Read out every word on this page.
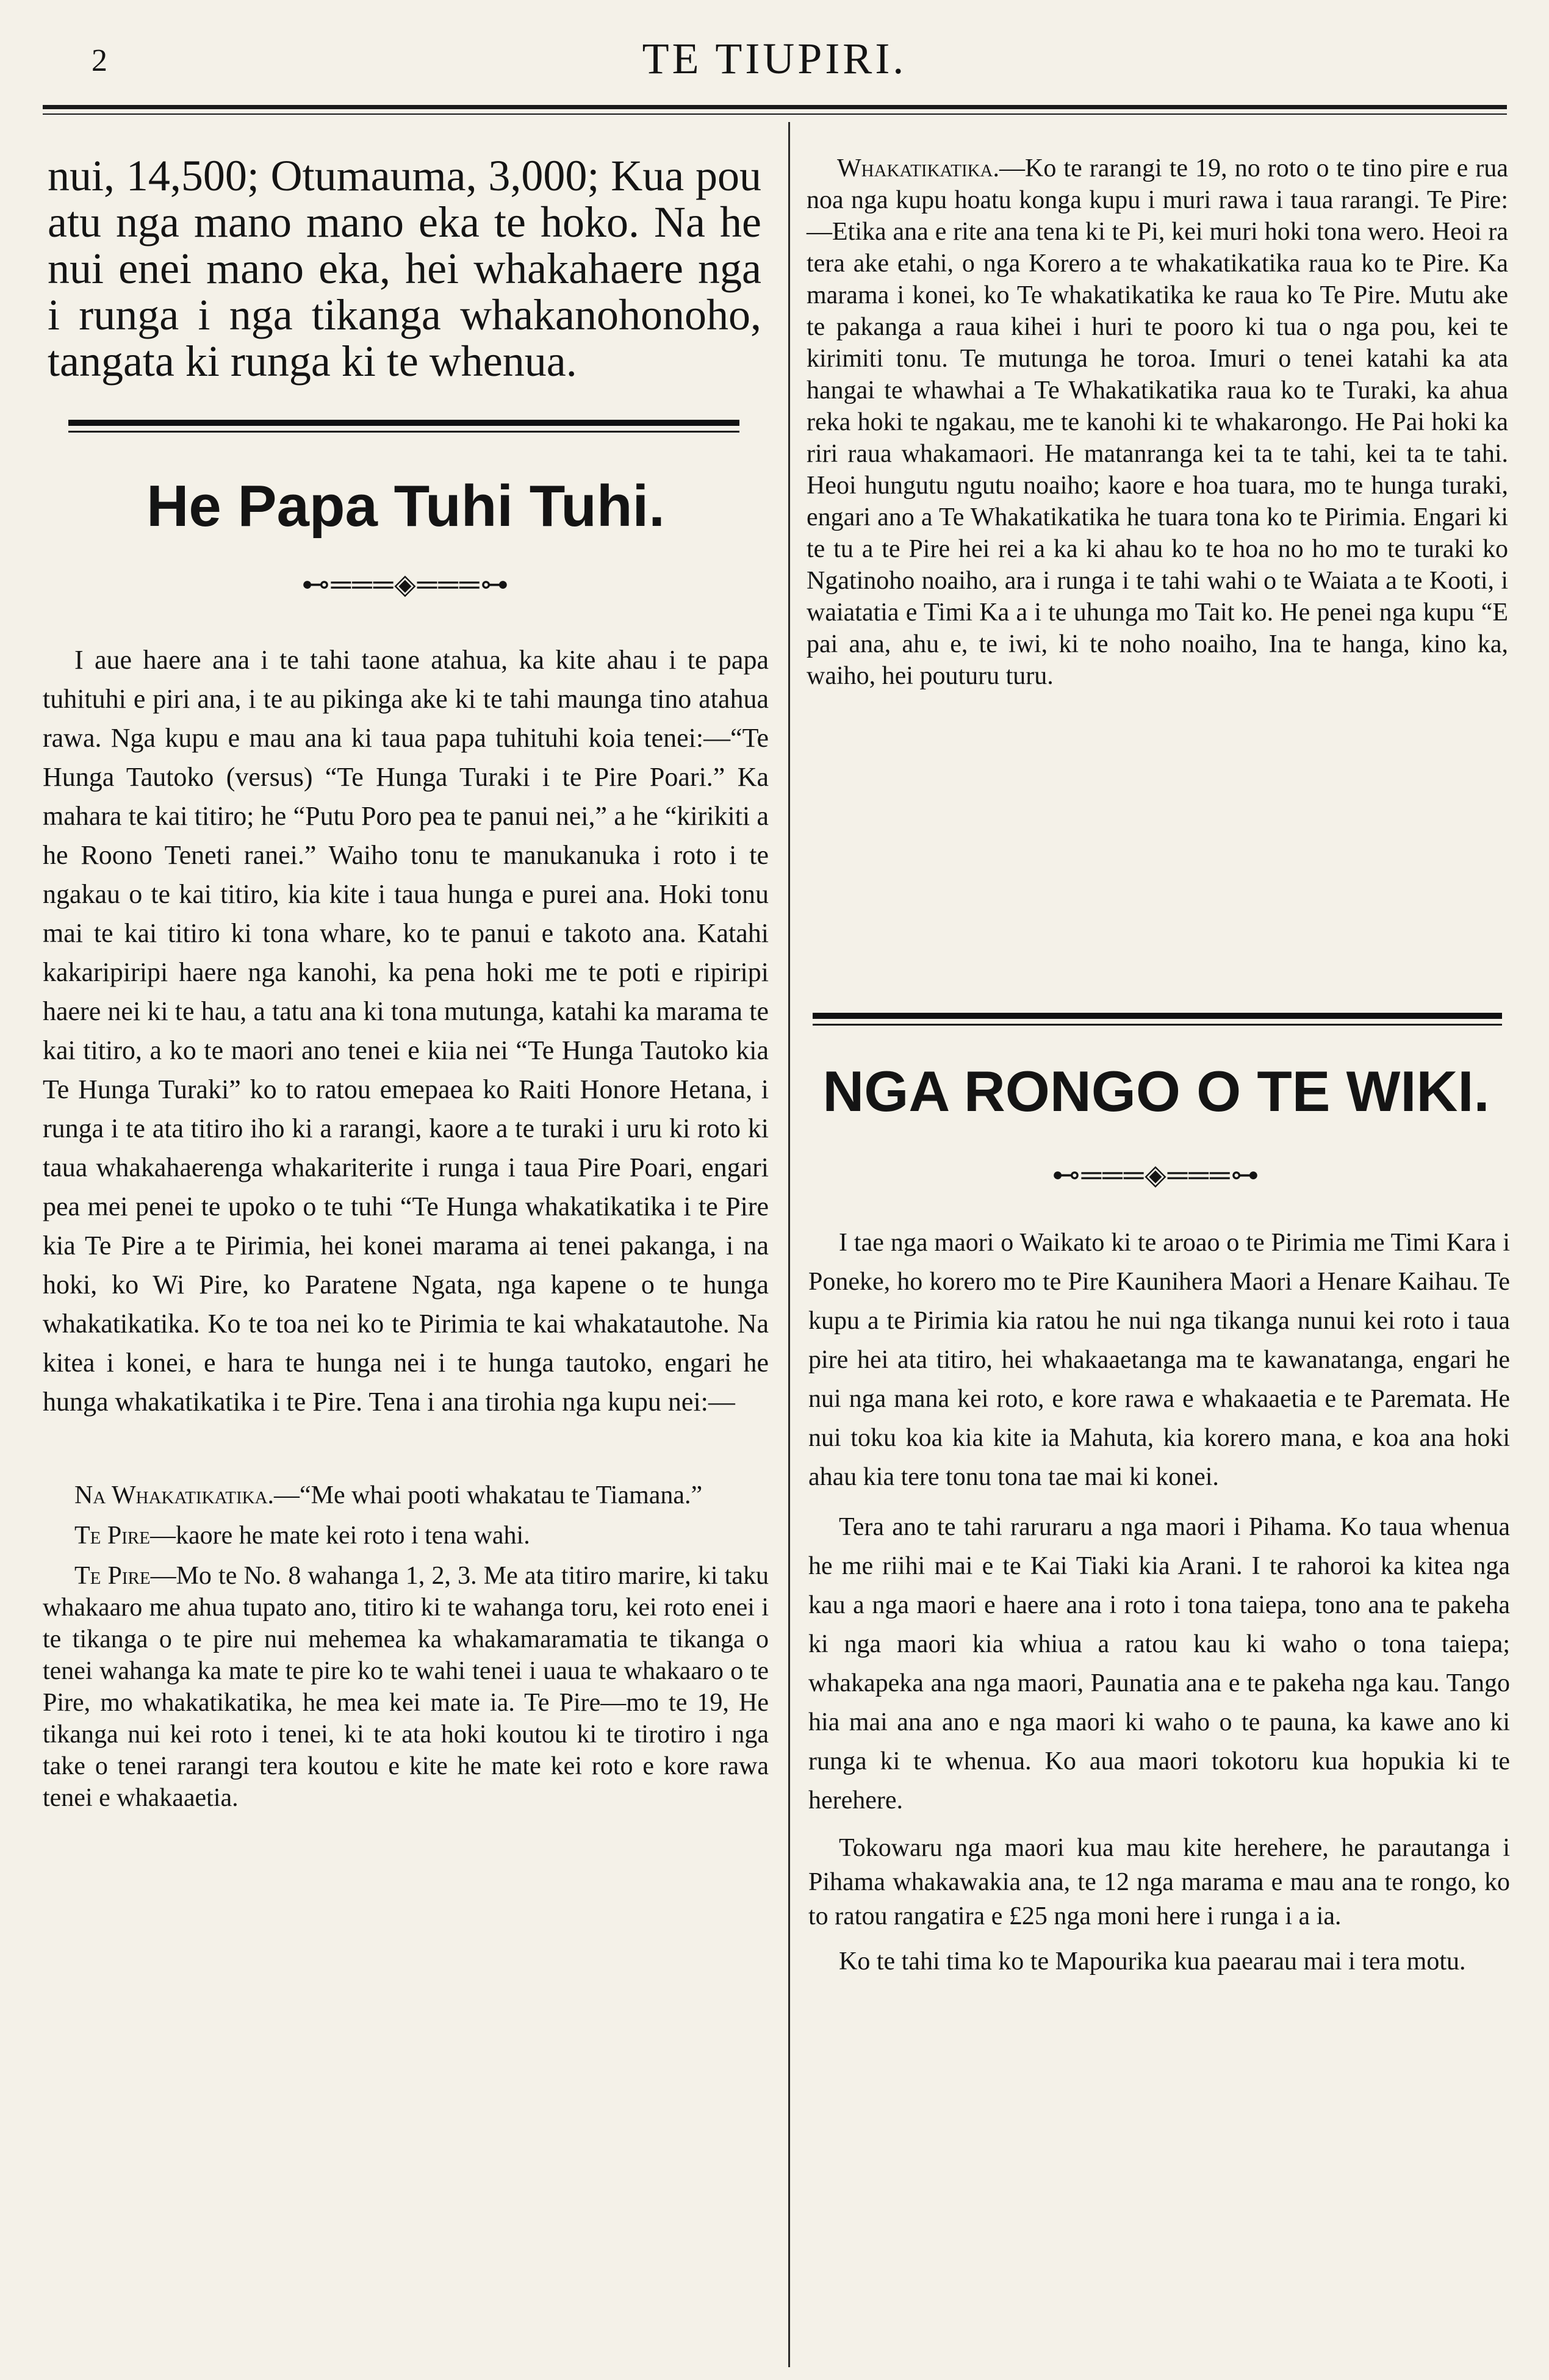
2	TE TIUPIRI.

nui, 14,500; Otumauma, 3,000; Kua pou atu nga mano mano eka te hoko. Na he nui enei mano eka, hei whakahaere nga i runga i nga tikanga whakanohonoho, tangata ki runga ki te whenua.

He Papa Tuhi Tuhi.
⊷═══◈═══⊶

I aue haere ana i te tahi taone atahua, ka kite ahau i te papa tuhituhi e piri ana, i te au pikinga ake ki te tahi maunga tino atahua rawa. Nga kupu e mau ana ki taua papa tuhituhi koia tenei:—“Te Hunga Tautoko (versus) “Te Hunga Turaki i te Pire Poari.” Ka mahara te kai titiro; he “Putu Poro pea te panui nei,” a he “kirikiti a he Roono Teneti ranei.” Waiho tonu te manukanuka i roto i te ngakau o te kai titiro, kia kite i taua hunga e purei ana. Hoki tonu mai te kai titiro ki tona whare, ko te panui e takoto ana. Katahi kakaripiripi haere nga kanohi, ka pena hoki me te poti e ripiripi haere nei ki te hau, a tatu ana ki tona mutunga, katahi ka marama te kai titiro, a ko te maori ano tenei e kiia nei “Te Hunga Tautoko kia Te Hunga Turaki” ko to ratou emepaea ko Raiti Honore Hetana, i runga i te ata titiro iho ki a rarangi, kaore a te turaki i uru ki roto ki taua whakahaerenga whakariterite i runga i taua Pire Poari, engari pea mei penei te upoko o te tuhi “Te Hunga whakatikatika i te Pire kia Te Pire a te Pirimia, hei konei marama ai tenei pakanga, i na hoki, ko Wi Pire, ko Paratene Ngata, nga kapene o te hunga whakatikatika. Ko te toa nei ko te Pirimia te kai whakatautohe. Na kitea i konei, e hara te hunga nei i te hunga tautoko, engari he hunga whakatikatika i te Pire. Tena i ana tirohia nga kupu nei:—

Na Whakatikatika.—“Me whai pooti whakatau te Tiamana.”

Te Pire—kaore he mate kei roto i tena wahi.

Te Pire—Mo te No. 8 wahanga 1, 2, 3. Me ata titiro marire, ki taku whakaaro me ahua tupato ano, titiro ki te wahanga toru, kei roto enei i te tikanga o te pire nui mehemea ka whakamaramatia te tikanga o tenei wahanga ka mate te pire ko te wahi tenei i uaua te whakaaro o te Pire, mo whakatikatika, he mea kei mate ia. Te Pire—mo te 19, He tikanga nui kei roto i tenei, ki te ata hoki koutou ki te tirotiro i nga take o tenei rarangi tera koutou e kite he mate kei roto e kore rawa tenei e whakaaetia.

Whakatikatika.—Ko te rarangi te 19, no roto o te tino pire e rua noa nga kupu hoatu konga kupu i muri rawa i taua rarangi. Te Pire:—Etika ana e rite ana tena ki te Pi, kei muri hoki tona wero. Heoi ra tera ake etahi, o nga Korero a te whakatikatika raua ko te Pire. Ka marama i konei, ko Te whakatikatika ke raua ko Te Pire. Mutu ake te pakanga a raua kihei i huri te pooro ki tua o nga pou, kei te kirimiti tonu. Te mutunga he toroa. Imuri o tenei katahi ka ata hangai te whawhai a Te Whakatikatika raua ko te Turaki, ka ahua reka hoki te ngakau, me te kanohi ki te whakarongo. He Pai hoki ka riri raua whakamaori. He matanranga kei ta te tahi, kei ta te tahi. Heoi hungutu ngutu noaiho; kaore e hoa tuara, mo te hunga turaki, engari ano a Te Whakatikatika he tuara tona ko te Pirimia. Engari ki te tu a te Pire hei rei a ka ki ahau ko te hoa no ho mo te turaki ko Ngatinoho noaiho, ara i runga i te tahi wahi o te Waiata a te Kooti, i waiatatia e Timi Ka a i te uhunga mo Tait ko. He penei nga kupu “E pai ana, ahu e, te iwi, ki te noho noaiho, Ina te hanga, kino ka, waiho, hei pouturu turu.

NGA RONGO O TE WIKI.
⊷═══◈═══⊶

I tae nga maori o Waikato ki te aroao o te Pirimia me Timi Kara i Poneke, ho korero mo te Pire Kaunihera Maori a Henare Kaihau. Te kupu a te Pirimia kia ratou he nui nga tikanga nunui kei roto i taua pire hei ata titiro, hei whakaaetanga ma te kawanatanga, engari he nui nga mana kei roto, e kore rawa e whakaaetia e te Paremata. He nui toku koa kia kite ia Mahuta, kia korero mana, e koa ana hoki ahau kia tere tonu tona tae mai ki konei.

Tera ano te tahi raruraru a nga maori i Pihama. Ko taua whenua he me riihi mai e te Kai Tiaki kia Arani. I te rahoroi ka kitea nga kau a nga maori e haere ana i roto i tona taiepa, tono ana te pakeha ki nga maori kia whiua a ratou kau ki waho o tona taiepa; whakapeka ana nga maori, Paunatia ana e te pakeha nga kau. Tango hia mai ana ano e nga maori ki waho o te pauna, ka kawe ano ki runga ki te whenua. Ko aua maori tokotoru kua hopukia ki te herehere.

Tokowaru nga maori kua mau kite herehere, he parautanga i Pihama whakawakia ana, te 12 nga marama e mau ana te rongo, ko to ratou rangatira e £25 nga moni here i runga i a ia.

Ko te tahi tima ko te Mapourika kua paearau mai i tera motu.
